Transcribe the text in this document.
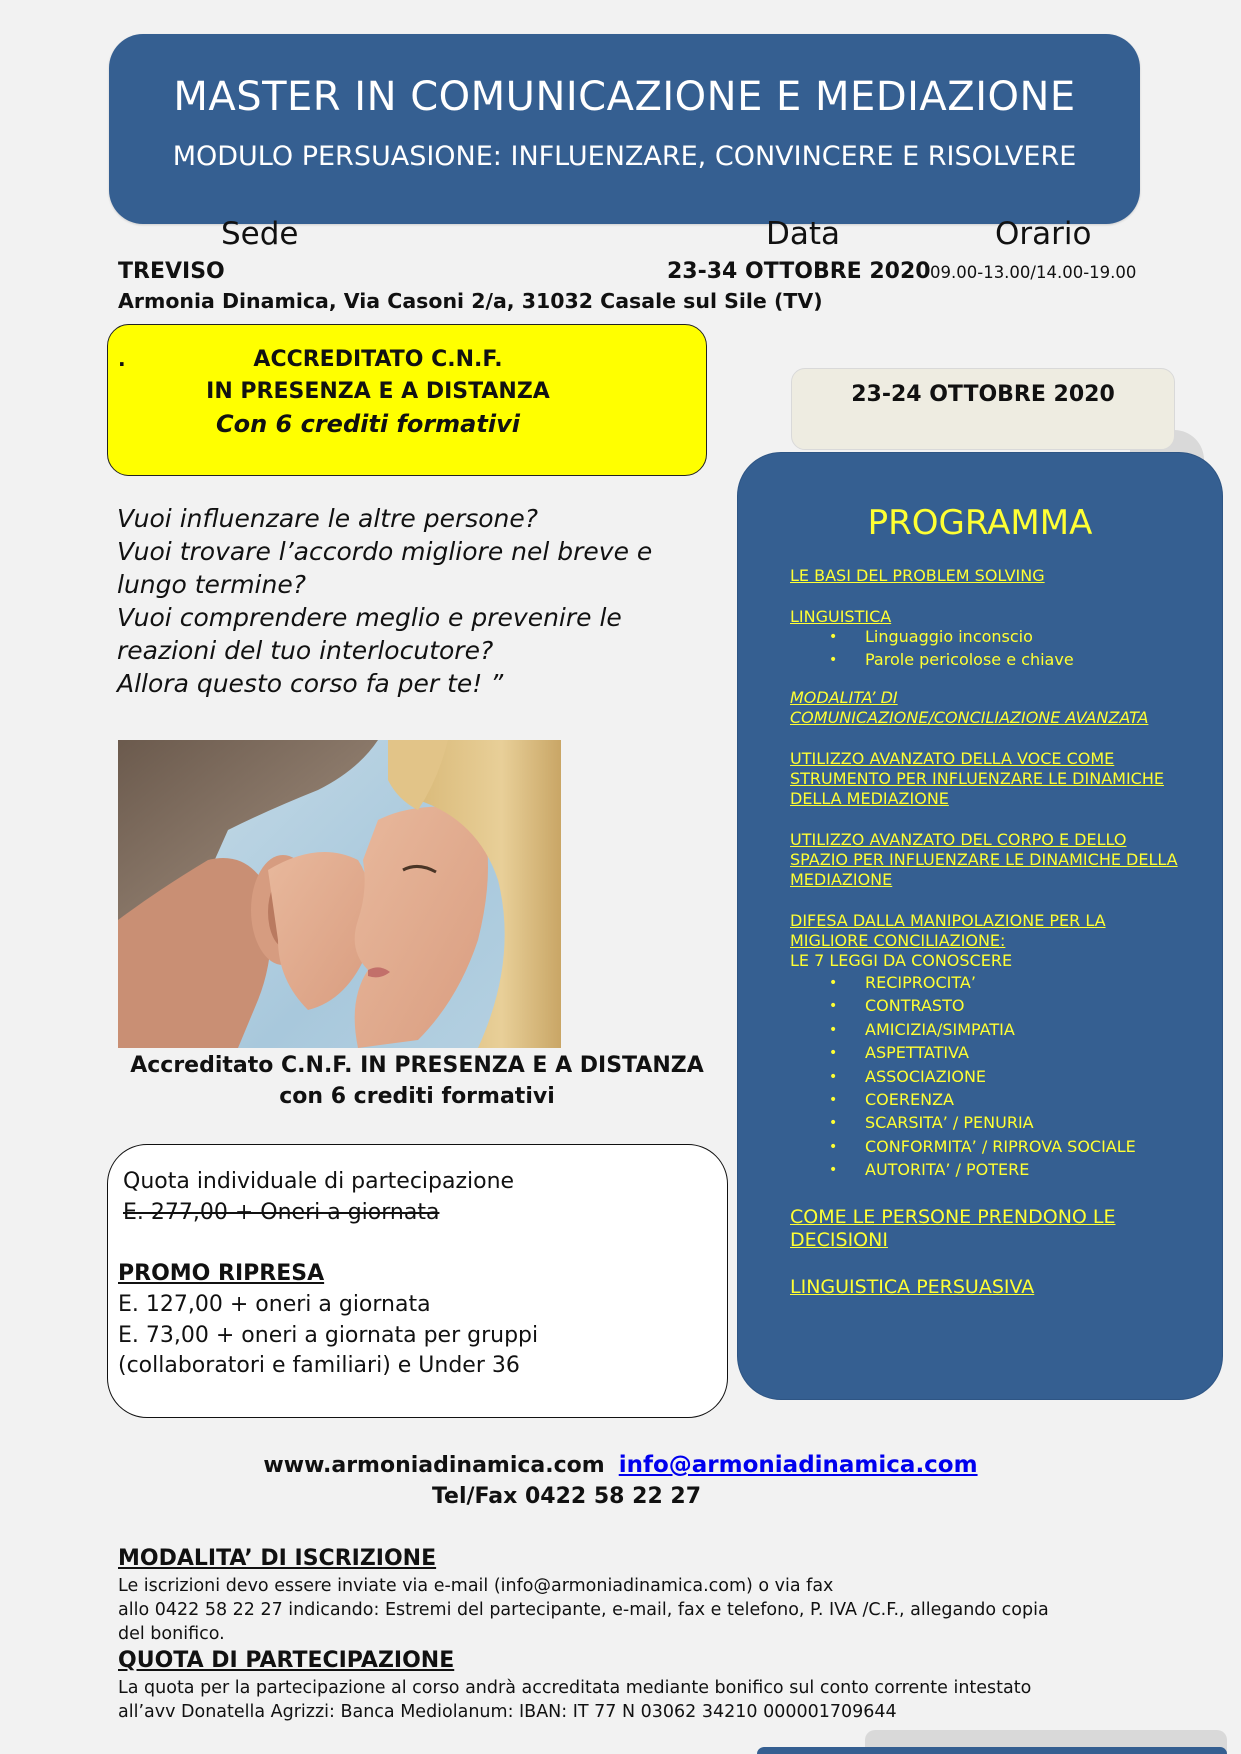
MASTER IN COMUNICAZIONE E MEDIAZIONE
MODULO PERSUASIONE: INFLUENZARE, CONVINCERE E RISOLVERE
Sede	Data	Orario
TREVISO	23-34 OTTOBRE 2020 09.00-13.00/14.00-19.00
Armonia Dinamica, Via Casoni 2/a, 31032 Casale sul Sile (TV)
.	ACCREDITATO C.N.F.
IN PRESENZA E A DISTANZA
Con 6 crediti formativi
23-24 OTTOBRE 2020
PROGRAMMA
LE BASI DEL PROBLEM SOLVING
LINGUISTICA
• Linguaggio inconscio
• Parole pericolose e chiave
MODALITA’ DI
COMUNICAZIONE/CONCILIAZIONE AVANZATA
UTILIZZO AVANZATO DELLA VOCE COME
STRUMENTO PER INFLUENZARE LE DINAMICHE
DELLA MEDIAZIONE
UTILIZZO AVANZATO DEL CORPO E DELLO
SPAZIO PER INFLUENZARE LE DINAMICHE DELLA
MEDIAZIONE
DIFESA DALLA MANIPOLAZIONE PER LA
MIGLIORE CONCILIAZIONE:
LE 7 LEGGI DA CONOSCERE
• RECIPROCITA’
• CONTRASTO
• AMICIZIA/SIMPATIA
• ASPETTATIVA
• ASSOCIAZIONE
• COERENZA
• SCARSITA’ / PENURIA
• CONFORMITA’ / RIPROVA SOCIALE
• AUTORITA’ / POTERE
COME LE PERSONE PRENDONO LE
DECISIONI
LINGUISTICA PERSUASIVA
Vuoi influenzare le altre persone?
Vuoi trovare l’accordo migliore nel breve e
lungo termine?
Vuoi comprendere meglio e prevenire le
reazioni del tuo interlocutore?
Allora questo corso fa per te! ”
Accreditato C.N.F. IN PRESENZA E A DISTANZA
con 6 crediti formativi
Quota individuale di partecipazione
E. 277,00 + Oneri a giornata
PROMO RIPRESA
E. 127,00 + oneri a giornata
E. 73,00 + oneri a giornata per gruppi
(collaboratori e familiari) e Under 36
www.armoniadinamica.com info@armoniadinamica.com
Tel/Fax 0422 58 22 27
MODALITA’ DI ISCRIZIONE
Le iscrizioni devo essere inviate via e-mail (info@armoniadinamica.com) o via fax
allo 0422 58 22 27 indicando: Estremi del partecipante, e-mail, fax e telefono, P. IVA /C.F., allegando copia
del bonifico.
QUOTA DI PARTECIPAZIONE
La quota per la partecipazione al corso andrà accreditata mediante bonifico sul conto corrente intestato
all’avv Donatella Agrizzi: Banca Mediolanum: IBAN: IT 77 N 03062 34210 000001709644
